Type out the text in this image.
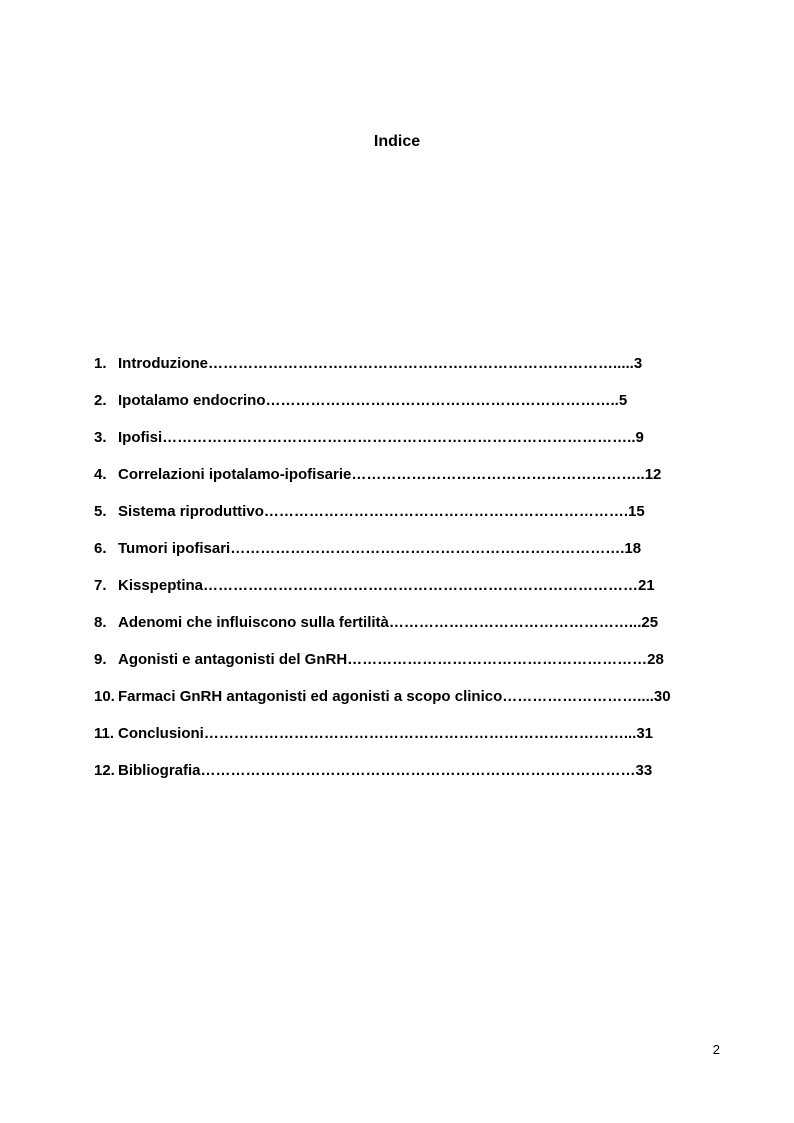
Indice
1. Introduzione……………………………………………………………………….....3
2. Ipotalamo endocrino……………………………………………………………..5
3. Ipofisi…………………………………………………………………………………..9
4. Correlazioni ipotalamo-ipofisarie…………………………………………………..12
5. Sistema riproduttivo……………………………………………………………….15
6. Tumori ipofisari…………………………………………………………………….18
7. Kisspeptina……………………………………………………………………………21
8. Adenomi che influiscono sulla fertilità…………………………………………...25
9. Agonisti e antagonisti del GnRH……………………………………………………28
10. Farmaci GnRH antagonisti ed agonisti a scopo clinico………………………....30
11. Conclusioni…………………………………………………………………………...31
12. Bibliografia……………………………………………………………………………33
2
